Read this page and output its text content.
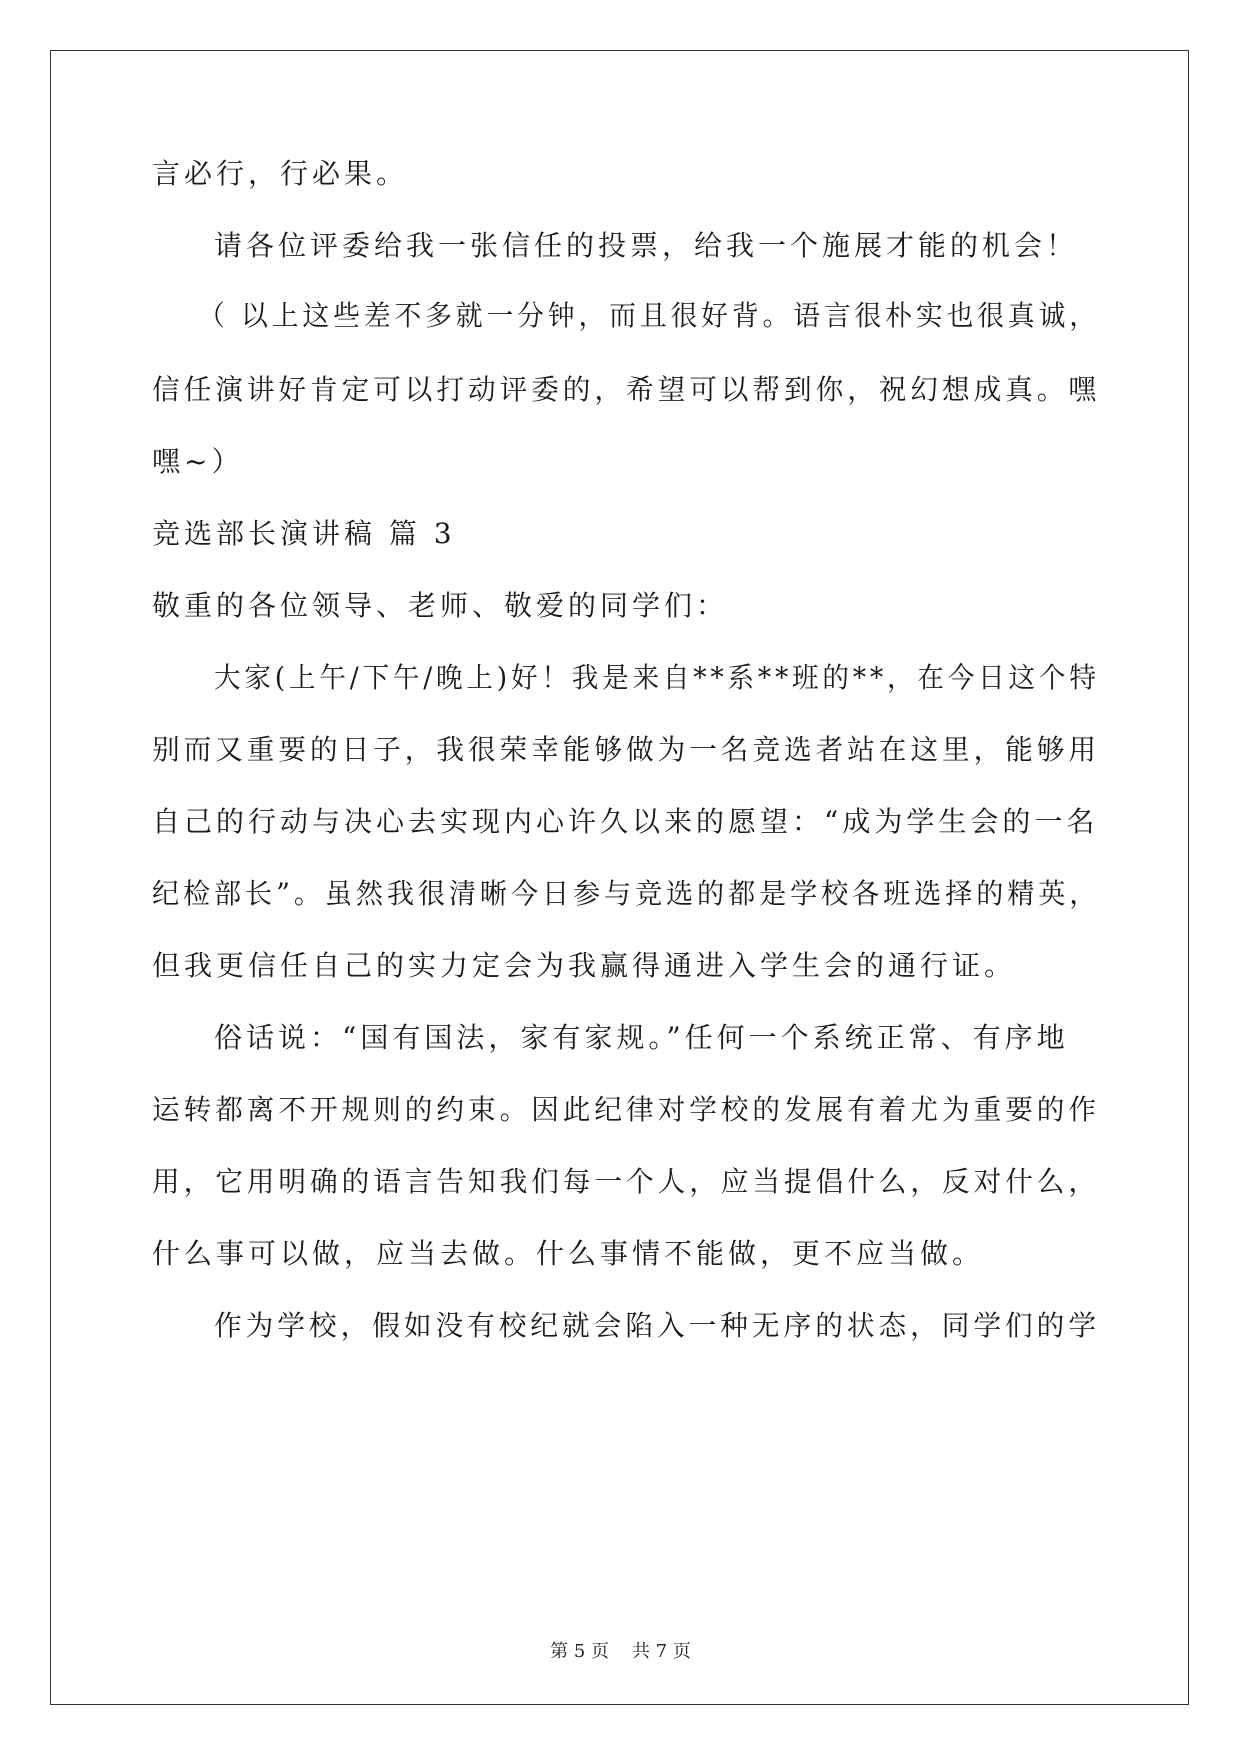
言必行，行必果。
请各位评委给我一张信任的投票，给我一个施展才能的机会！
（ 以上这些差不多就一分钟，而且很好背。语言很朴实也很真诚，
信任演讲好肯定可以打动评委的，希望可以帮到你，祝幻想成真。嘿
嘿~）
竞选部长演讲稿 篇 3
敬重的各位领导、老师、敬爱的同学们：
大家(上午/下午/晚上)好！我是来自**系**班的**，在今日这个特
别而又重要的日子，我很荣幸能够做为一名竞选者站在这里，能够用
自己的行动与决心去实现内心许久以来的愿望：“成为学生会的一名
纪检部长”。虽然我很清晰今日参与竞选的都是学校各班选择的精英，
但我更信任自己的实力定会为我赢得通进入学生会的通行证。
俗话说：“国有国法，家有家规。”任何一个系统正常、有序地
运转都离不开规则的约束。因此纪律对学校的发展有着尤为重要的作
用，它用明确的语言告知我们每一个人，应当提倡什么，反对什么，
什么事可以做，应当去做。什么事情不能做，更不应当做。
作为学校，假如没有校纪就会陷入一种无序的状态，同学们的学
第 5 页    共 7 页
